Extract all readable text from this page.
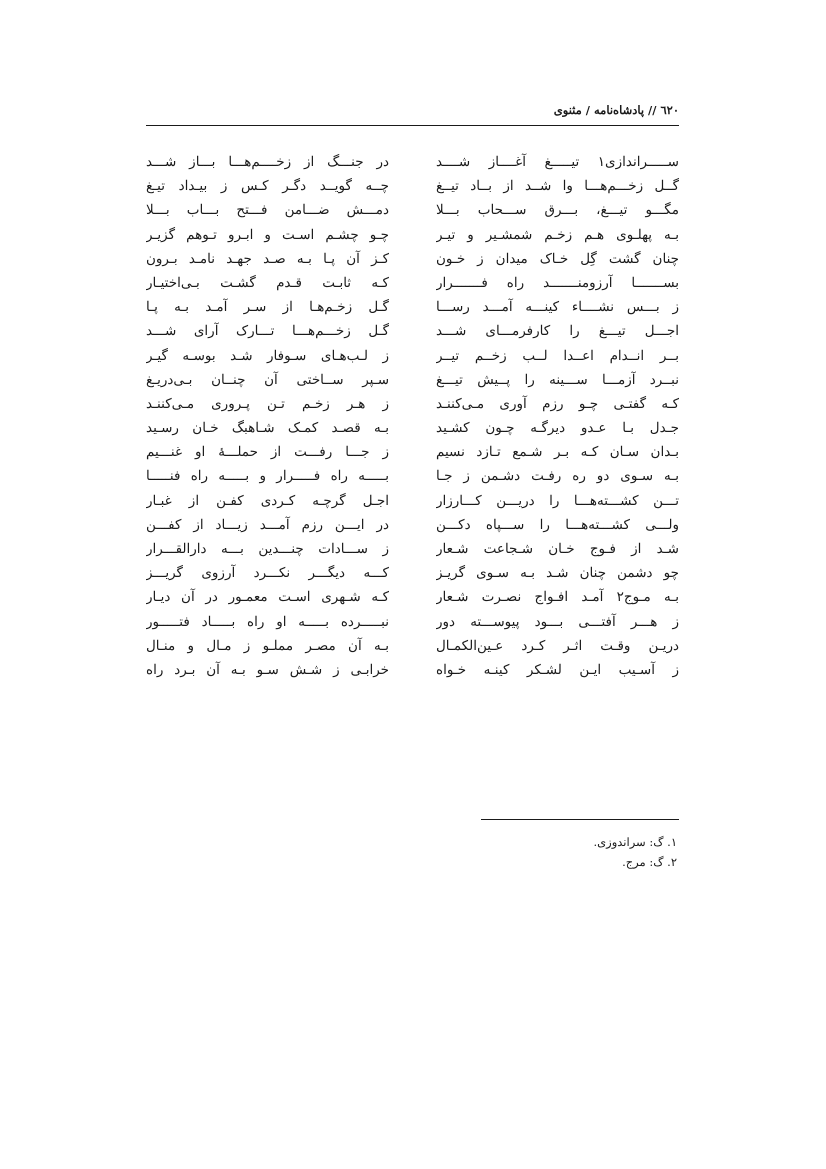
٦٢٠ // پادشاه‌نامه / مثنوی
ســـــراندازی۱ تیـــــغ آغــــاز شــــد
گــل زخـــم‌هـــا وا شــد از بــاد تیــغ
مگـــو تیـــغ، بـــرق ســـحاب بـــلا
بـه پهلـوی هـم زخـم شمشـیر و تیـر
چنان گشت گِل خـاک میدان ز خـون
بســـــــا آرزومنـــــــد راه فـــــــرار
ز بـــس نشــــاء کینـــه آمـــد رســـا
اجـــل تیـــغ را کارفرمـــای شـــد
بــر انــدام اعــدا لــب زخــم تیــر
نبــرد آزمـــا ســـینه را پــیش تیـــغ
کـه گفتـی چـو رزم آوری مـی‌کننـد
جـدل بـا عـدو دیرگـه چـون کشـید
بـدان سـان کـه بـر شـمع تـازد نسیم
بـه سـوی دو ره رفـت دشـمن ز جـا
تـــن کشـــته‌هـــا را دریـــن کـــارزار
ولـــی کشـــته‌هـــا را ســـپاه دکـــن
شـد از فـوج خـان شـجاعت شـعار
چو دشمن چنان شـد بـه سـوی گریـز
بـه مـوج۲ آمـد افـواج نصـرت شـعار
ز هـــر آفتـــی بـــود پیوســـته دور
دریـن وقـت اثـر کـرد عـین‌الکمـال
ز آسـیب ایـن لشـکر کینـه خـواه
در جنـــگ از زخــــم‌هـــا بـــاز شـــد
چــه گویــد دگـر کـس ز بیـداد تیـغ
دمـــش ضـــامن فـــتح بـــاب بـــلا
چـو چشـم اسـت و ابـرو تـوهم گزیـر
کـز آن پـا بـه صـد جهـد نامـد بـرون
کـه ثابـت قـدم گشـت بـی‌اختیـار
گـل زخـم‌هـا از سـر آمـد بـه پـا
گـل زخـــم‌هـــا تـــارک آرای شـــد
ز لـب‌هـای سـوفار شـد بوسـه گیـر
سـپر ســاختی آن چنــان بـی‌دریـغ
ز هـر زخـم تـن پـروری مـی‌کننـد
بـه قصـد کمـک شـاهبگ خـان رسـید
ز جـــا رفـــت از حملـــهٔ او غنـــیم
بـــــه راه فـــــرار و بـــــه راه فنـــــا
اجـل گرچـه کـردی کفـن از غبـار
در ایـــن رزم آمـــد زیـــاد از کفـــن
ز ســـادات چنـــدین بـــه دارالقـــرار
کـــه دیگـــر نکـــرد آرزوی گریـــز
کـه شـهری اسـت معمـور در آن دیـار
نبـــــرده بـــــه او راه بـــــاد فتـــــور
بـه آن مصـر مملـو ز مـال و منـال
خرابـی ز شـش سـو بـه آن بـرد راه
۱. گ: سراندوزی.
۲. گ: مرج.
